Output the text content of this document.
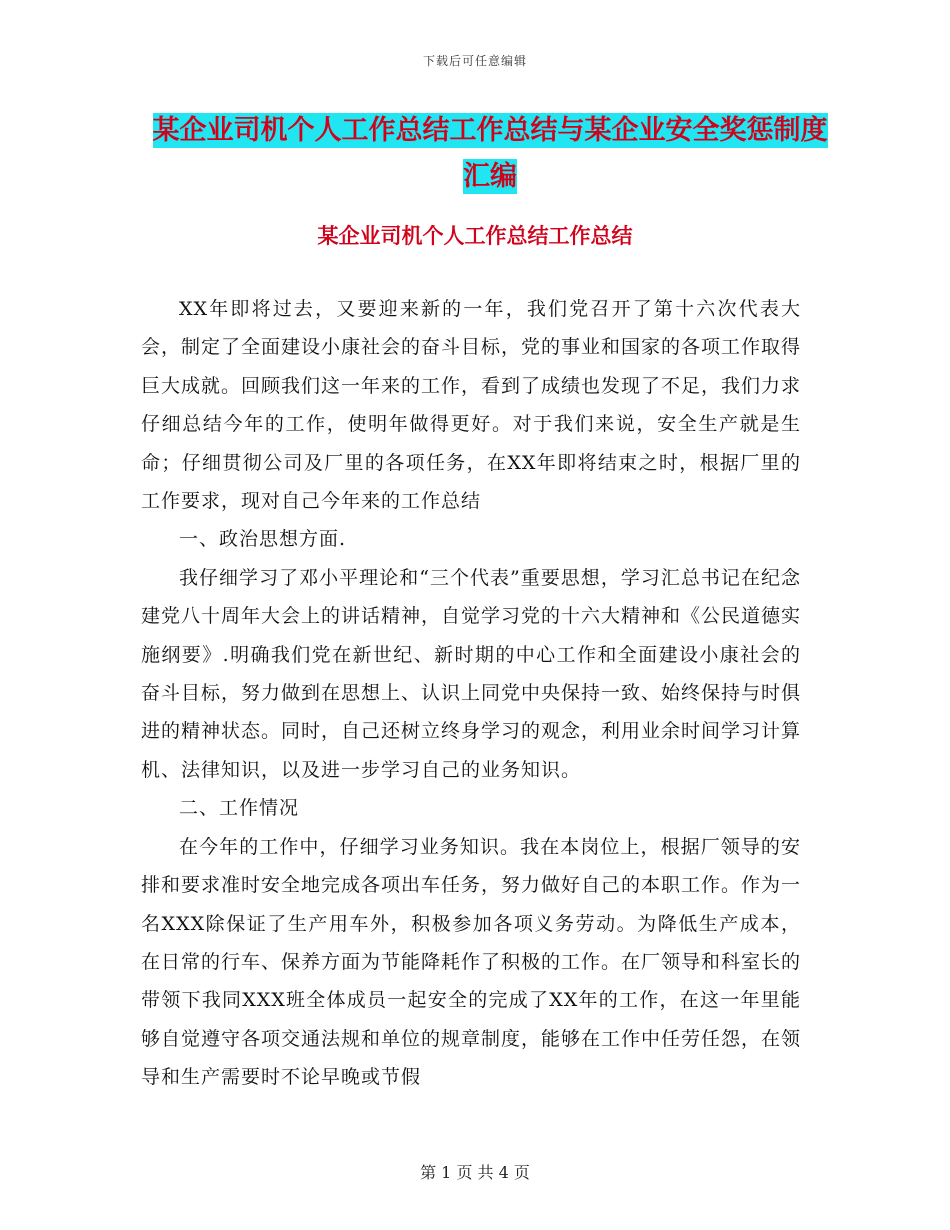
下载后可任意编辑
某企业司机个人工作总结工作总结与某企业安全奖惩制度汇编
某企业司机个人工作总结工作总结

XX年即将过去，又要迎来新的一年，我们党召开了第十六次代表大会，制定了全面建设小康社会的奋斗目标，党的事业和国家的各项工作取得巨大成就。回顾我们这一年来的工作，看到了成绩也发现了不足，我们力求仔细总结今年的工作，使明年做得更好。对于我们来说，安全生产就是生命；仔细贯彻公司及厂里的各项任务，在XX年即将结束之时，根据厂里的工作要求，现对自己今年来的工作总结

一、政治思想方面.

我仔细学习了邓小平理论和“三个代表”重要思想，学习汇总书记在纪念建党八十周年大会上的讲话精神，自觉学习党的十六大精神和《公民道德实施纲要》.明确我们党在新世纪、新时期的中心工作和全面建设小康社会的奋斗目标，努力做到在思想上、认识上同党中央保持一致、始终保持与时俱进的精神状态。同时，自己还树立终身学习的观念，利用业余时间学习计算机、法律知识，以及进一步学习自己的业务知识。

二、工作情况

在今年的工作中，仔细学习业务知识。我在本岗位上，根据厂领导的安排和要求准时安全地完成各项出车任务，努力做好自己的本职工作。作为一名XXX除保证了生产用车外，积极参加各项义务劳动。为降低生产成本，在日常的行车、保养方面为节能降耗作了积极的工作。在厂领导和科室长的带领下我同XXX班全体成员一起安全的完成了XX年的工作，在这一年里能够自觉遵守各项交通法规和单位的规章制度，能够在工作中任劳任怨，在领导和生产需要时不论早晚或节假

第 1 页 共 4 页
